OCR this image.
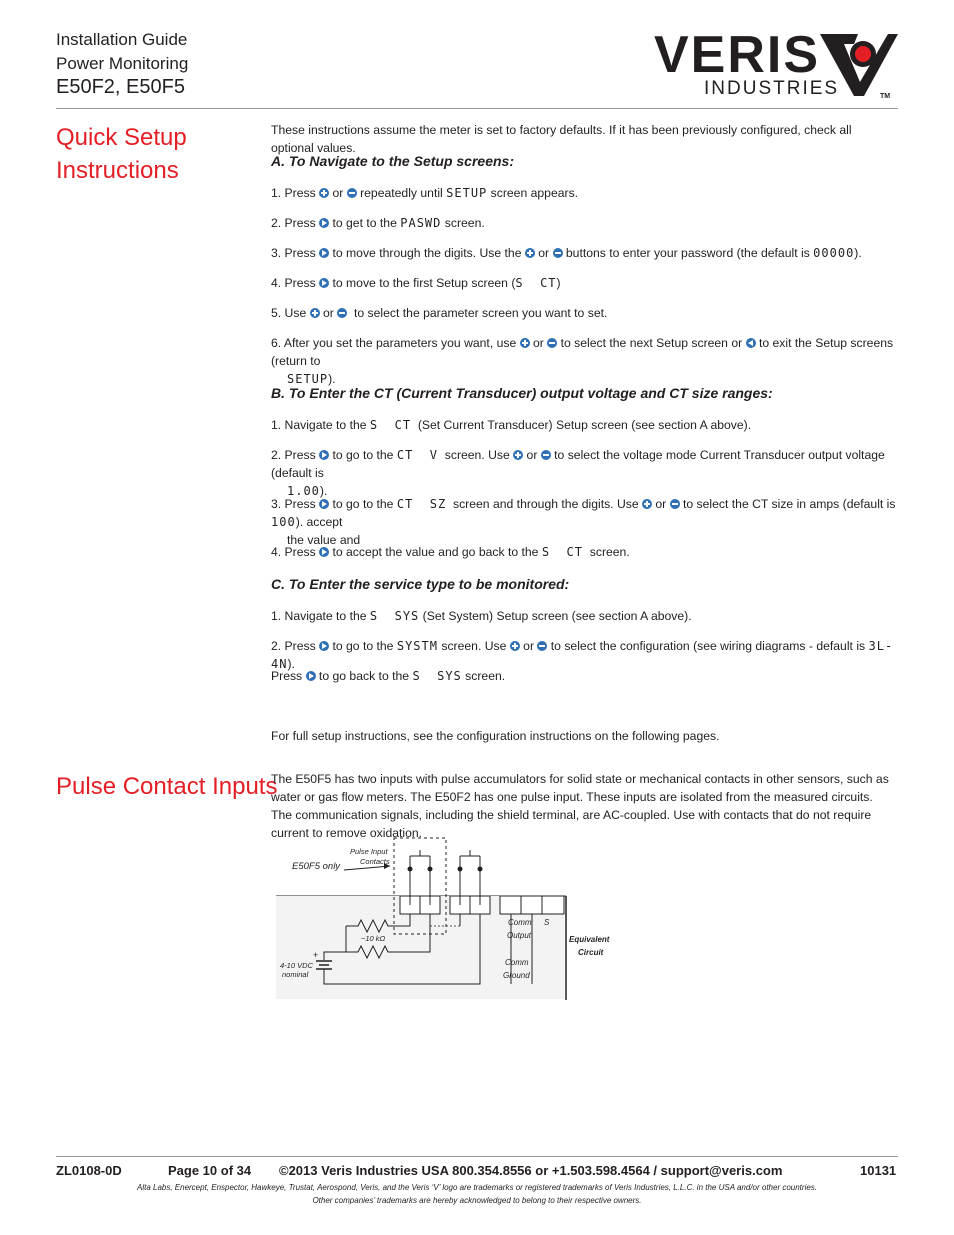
Installation Guide
Power Monitoring
E50F2, E50F5
VERIS
INDUSTRIES	TM
Quick Setup
Instructions
These instructions assume the meter is set to factory defaults. If it has been previously configured, check all optional values.
A. To Navigate to the Setup screens:
1. Press  or  repeatedly until SETUP screen appears.
2. Press  to get to the PASWD screen.
3. Press  to move through the digits. Use the  or  buttons to enter your password (the default is 00000).
4. Press  to move to the first Setup screen (S  CT)
5. Use  or   to select the parameter screen you want to set.
6. After you set the parameters you want, use  or  to select the next Setup screen or  to exit the Setup screens (return to
SETUP).
B. To Enter the CT (Current Transducer) output voltage and CT size ranges:
1. Navigate to the S  CT  (Set Current Transducer) Setup screen (see section A above).
2. Press  to go to the CT  V  screen. Use  or  to select the voltage mode Current Transducer output voltage (default is
1.00).
3. Press  to go to the CT  SZ  screen and through the digits. Use  or  to select the CT size in amps (default is 100). accept
the value and
4. Press  to accept the value and go back to the S  CT  screen.
C. To Enter the service type to be monitored:
1. Navigate to the S  SYS (Set System) Setup screen (see section A above).
2. Press  to go to the SYSTM screen. Use  or  to select the configuration (see wiring diagrams - default is 3L-4N).
Press  to go back to the S  SYS screen.
For full setup instructions, see the configuration instructions on the following pages.
Pulse Contact Inputs
The E50F5 has two inputs with pulse accumulators for solid state or mechanical contacts in other sensors, such as water or gas flow meters. The E50F2 has one pulse input. These inputs are isolated from the measured circuits. The communication signals, including the shield terminal, are AC-coupled. Use with contacts that do not require current to remove oxidation.
+
E50F5 only
Pulse Input
Contacts
~10 kΩ
4-10 VDC
nominal
Comm
Output
S
Comm
Ground
Equivalent
Circuit
ZL0108-0D	Page 10 of 34 ©2013 Veris Industries USA 800.354.8556 or +1.503.598.4564 / support@veris.com	10131
Alta Labs, Enercept, Enspector, Hawkeye, Trustat, Aerospond, Veris, and the Veris ‘V’ logo are trademarks or registered trademarks of Veris Industries, L.L.C. in the USA and/or other countries.
Other companies’ trademarks are hereby acknowledged to belong to their respective owners.
